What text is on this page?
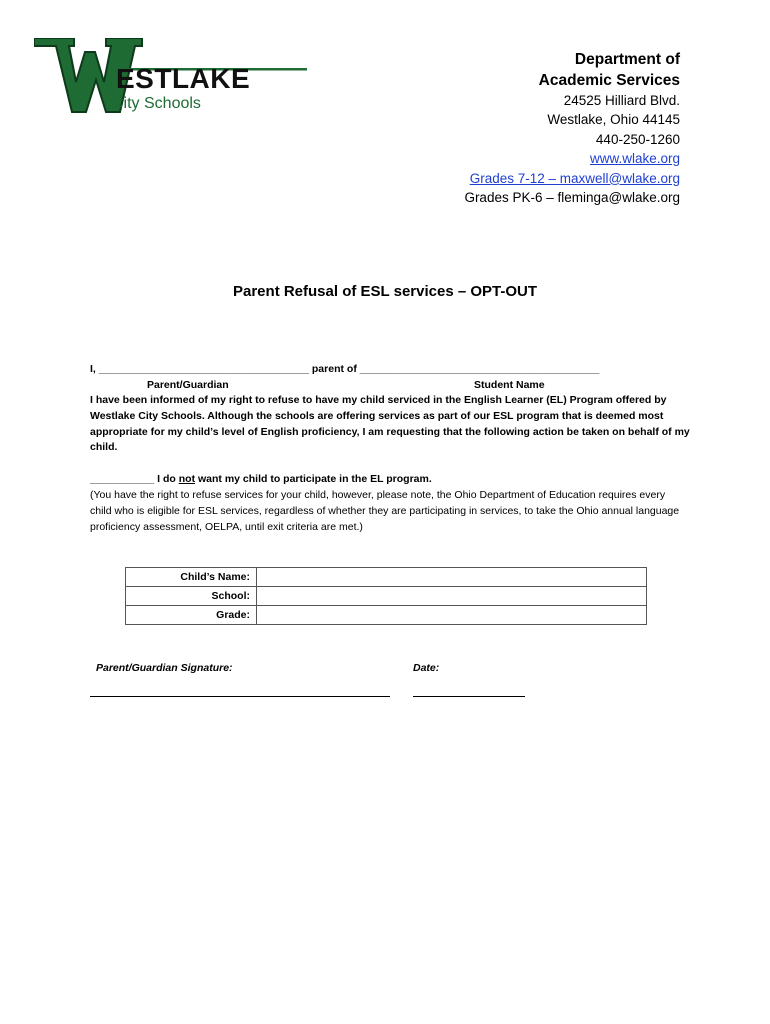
ESTLAKE
City Schools
Department of
Academic Services
24525 Hilliard Blvd.
Westlake, Ohio 44145
440-250-1260
www.wlake.org
Grades 7-12 – maxwell@wlake.org
Grades PK-6 – fleminga@wlake.org
Parent Refusal of ESL services – OPT-OUT
I, ____________________________________ parent of _________________________________________
Parent/Guardian	Student Name
I have been informed of my right to refuse to have my child serviced in the English Learner (EL) Program offered by Westlake City Schools. Although the schools are offering services as part of our ESL program that is deemed most appropriate for my child’s level of English proficiency, I am requesting that the following action be taken on behalf of my child.
___________ I do not want my child to participate in the EL program.
(You have the right to refuse services for your child, however, please note, the Ohio Department of Education requires every child who is eligible for ESL services, regardless of whether they are participating in services, to take the Ohio annual language proficiency assessment, OELPA, until exit criteria are met.)
Child’s Name:	
School:	
Grade:	
Parent/Guardian Signature:	Date:
